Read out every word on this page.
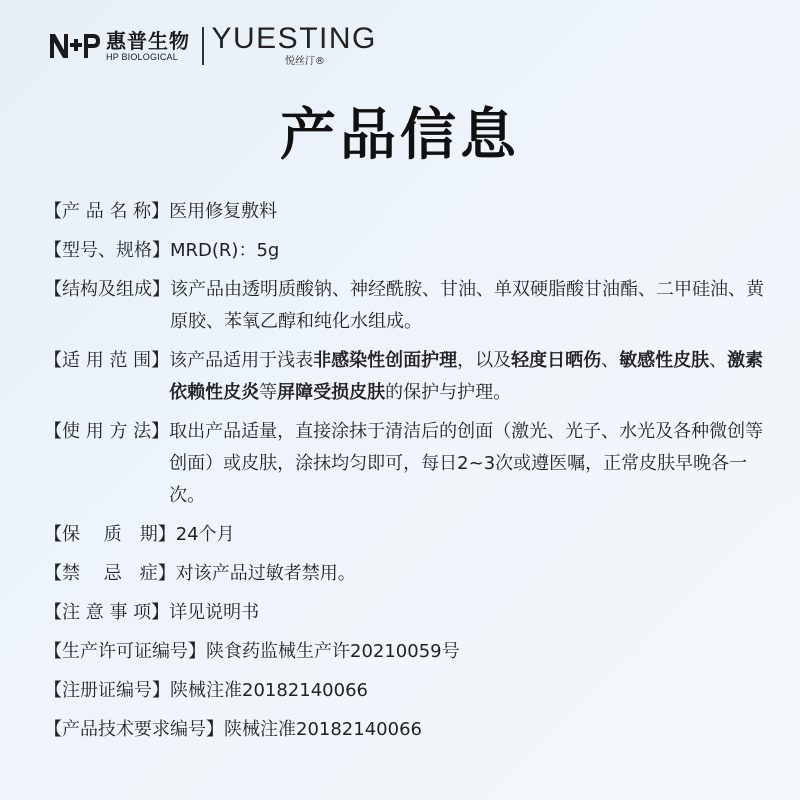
惠普生物
HP BIOLOGICAL
YUESTING
悦丝汀®
产品信息
【产 品 名 称】 医用修复敷料
【型号、规格】 MRD(R)：5g
【结构及组成】 该产品由透明质酸钠、神经酰胺、甘油、单双硬脂酸甘油酯、二甲硅油、黄原胶、苯氧乙醇和纯化水组成。
【适 用 范 围】 该产品适用于浅表非感染性创面护理，以及轻度日晒伤、敏感性皮肤、激素依赖性皮炎等屏障受损皮肤的保护与护理。
【使 用 方 法】 取出产品适量，直接涂抹于清洁后的创面（激光、光子、水光及各种微创等创面）或皮肤，涂抹均匀即可，每日2~3次或遵医嘱，正常皮肤早晚各一次。
【保　 质　期】 24个月
【禁　 忌　症】 对该产品过敏者禁用。
【注 意 事 项】 详见说明书
【生产许可证编号】 陕食药监械生产许20210059号
【注册证编号】 陕械注准20182140066
【产品技术要求编号】 陕械注准20182140066
